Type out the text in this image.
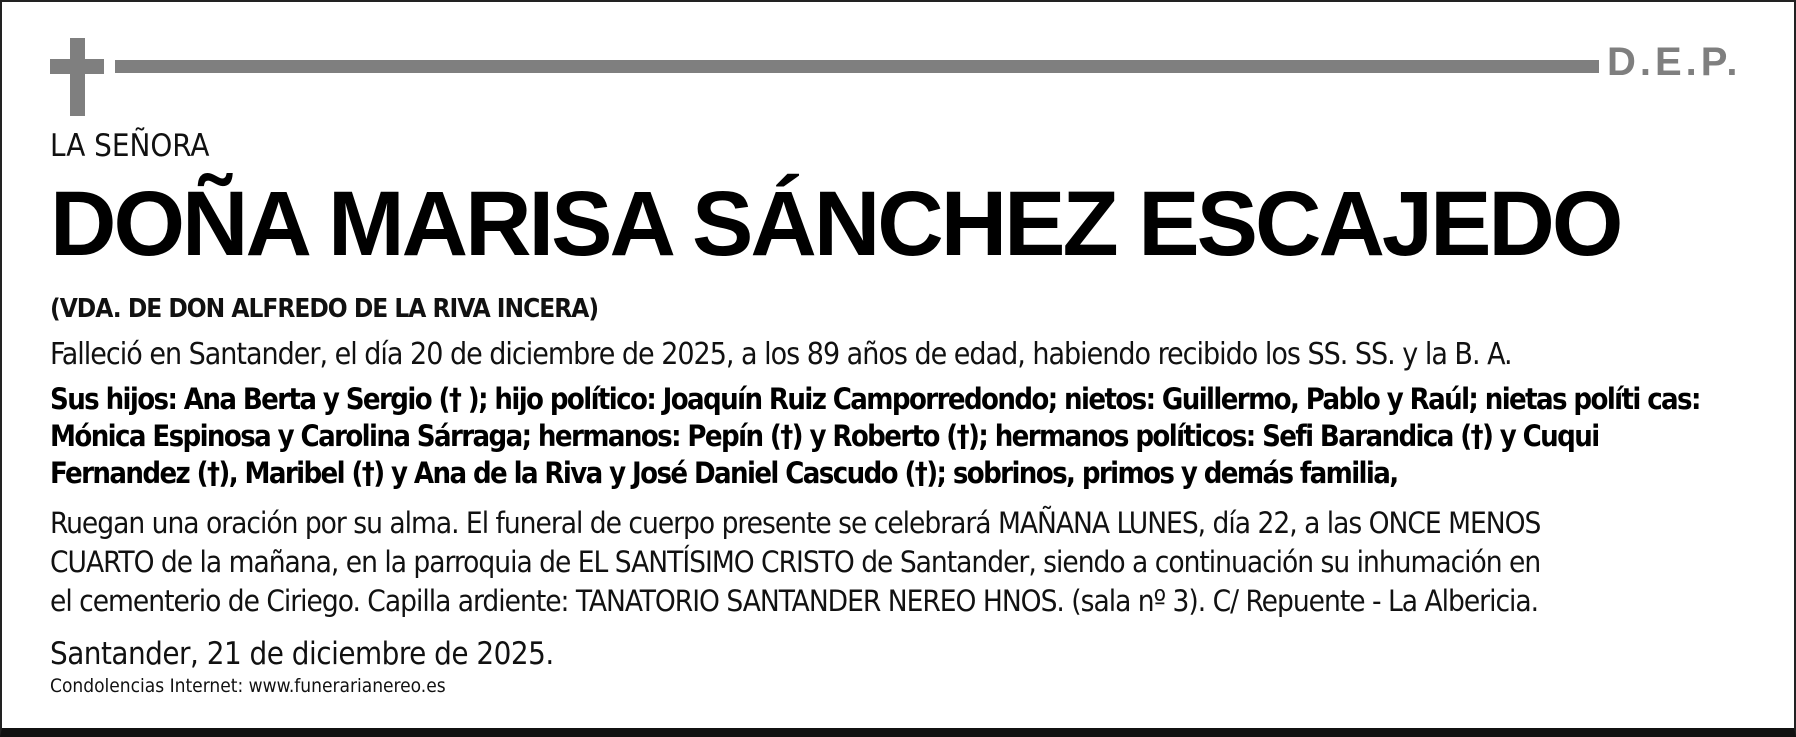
D.E.P.
LA SEÑORA
DOÑA MARISA SÁNCHEZ ESCAJEDO
(VDA. DE DON ALFREDO DE LA RIVA INCERA)
Falleció en Santander, el día 20 de diciembre de 2025, a los 89 años de edad, habiendo recibido los SS. SS. y la B. A.
Sus hijos: Ana Berta y Sergio († ); hijo político: Joaquín Ruiz Camporredondo; nietos: Guillermo, Pablo y Raúl; nietas políti cas:
Mónica Espinosa y Carolina Sárraga; hermanos: Pepín (†) y Roberto (†); hermanos políticos: Sefi Barandica (†) y Cuqui
Fernandez (†), Maribel (†) y Ana de la Riva y José Daniel Cascudo (†); sobrinos, primos y demás familia,
Ruegan una oración por su alma. El funeral de cuerpo presente se celebrará MAÑANA LUNES, día 22, a las ONCE MENOS
CUARTO de la mañana, en la parroquia de EL SANTÍSIMO CRISTO de Santander, siendo a continuación su inhumación en
el cementerio de Ciriego. Capilla ardiente: TANATORIO SANTANDER NEREO HNOS. (sala nº 3). C/ Repuente - La Albericia.
Santander, 21 de diciembre de 2025.
Condolencias Internet: www.funerarianereo.es
